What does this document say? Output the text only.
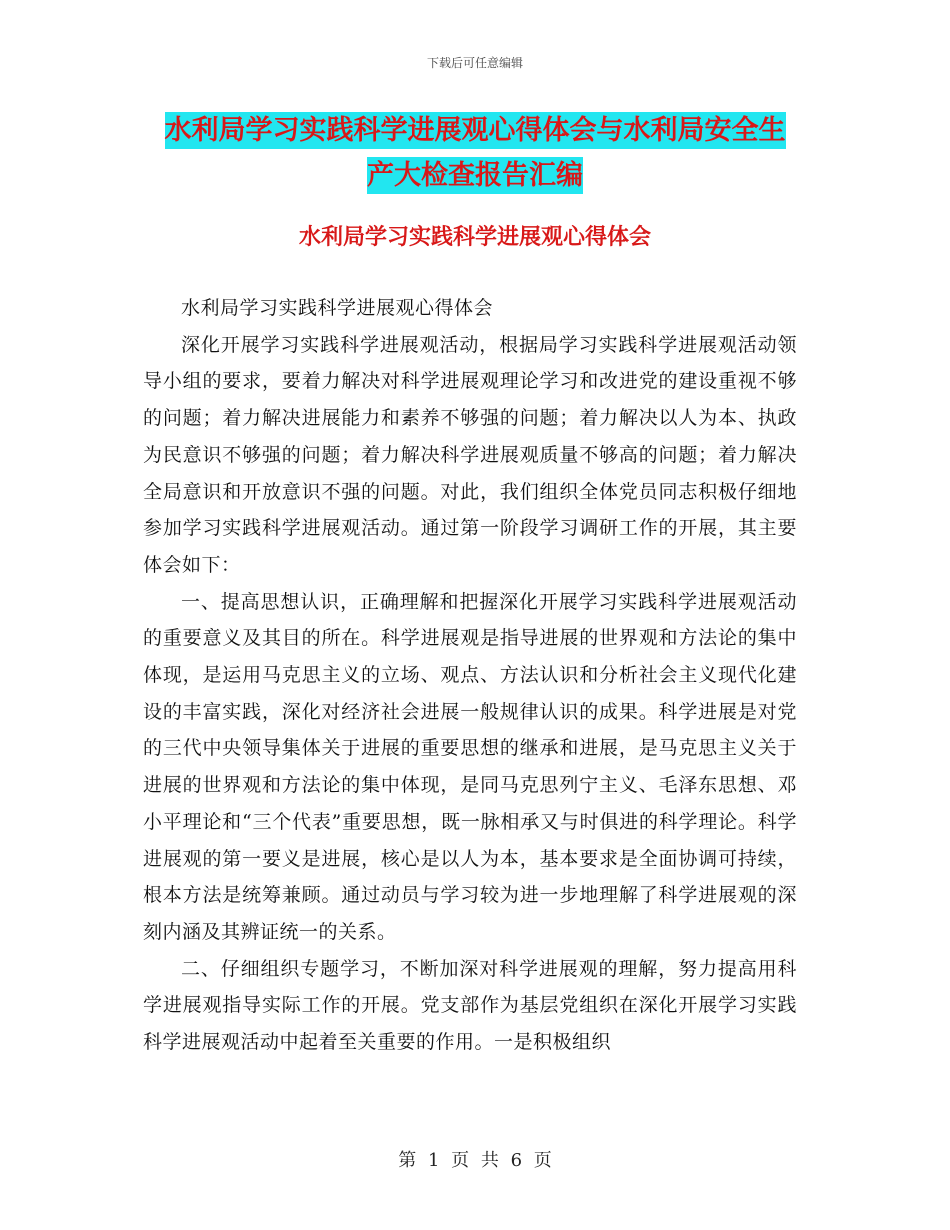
下载后可任意编辑
水利局学习实践科学进展观心得体会与水利局安全生
产大检查报告汇编
水利局学习实践科学进展观心得体会

水利局学习实践科学进展观心得体会

深化开展学习实践科学进展观活动，根据局学习实践科学进展观活动领导小组的要求，要着力解决对科学进展观理论学习和改进党的建设重视不够的问题；着力解决进展能力和素养不够强的问题；着力解决以人为本、执政为民意识不够强的问题；着力解决科学进展观质量不够高的问题；着力解决全局意识和开放意识不强的问题。对此，我们组织全体党员同志积极仔细地参加学习实践科学进展观活动。通过第一阶段学习调研工作的开展，其主要体会如下：

一、提高思想认识，正确理解和把握深化开展学习实践科学进展观活动的重要意义及其目的所在。科学进展观是指导进展的世界观和方法论的集中体现，是运用马克思主义的立场、观点、方法认识和分析社会主义现代化建设的丰富实践，深化对经济社会进展一般规律认识的成果。科学进展是对党的三代中央领导集体关于进展的重要思想的继承和进展，是马克思主义关于进展的世界观和方法论的集中体现，是同马克思列宁主义、毛泽东思想、邓小平理论和“三个代表”重要思想，既一脉相承又与时俱进的科学理论。科学进展观的第一要义是进展，核心是以人为本，基本要求是全面协调可持续，根本方法是统筹兼顾。通过动员与学习较为进一步地理解了科学进展观的深刻内涵及其辨证统一的关系。

二、仔细组织专题学习，不断加深对科学进展观的理解，努力提高用科学进展观指导实际工作的开展。党支部作为基层党组织在深化开展学习实践科学进展观活动中起着至关重要的作用。一是积极组织

第 1 页 共 6 页
